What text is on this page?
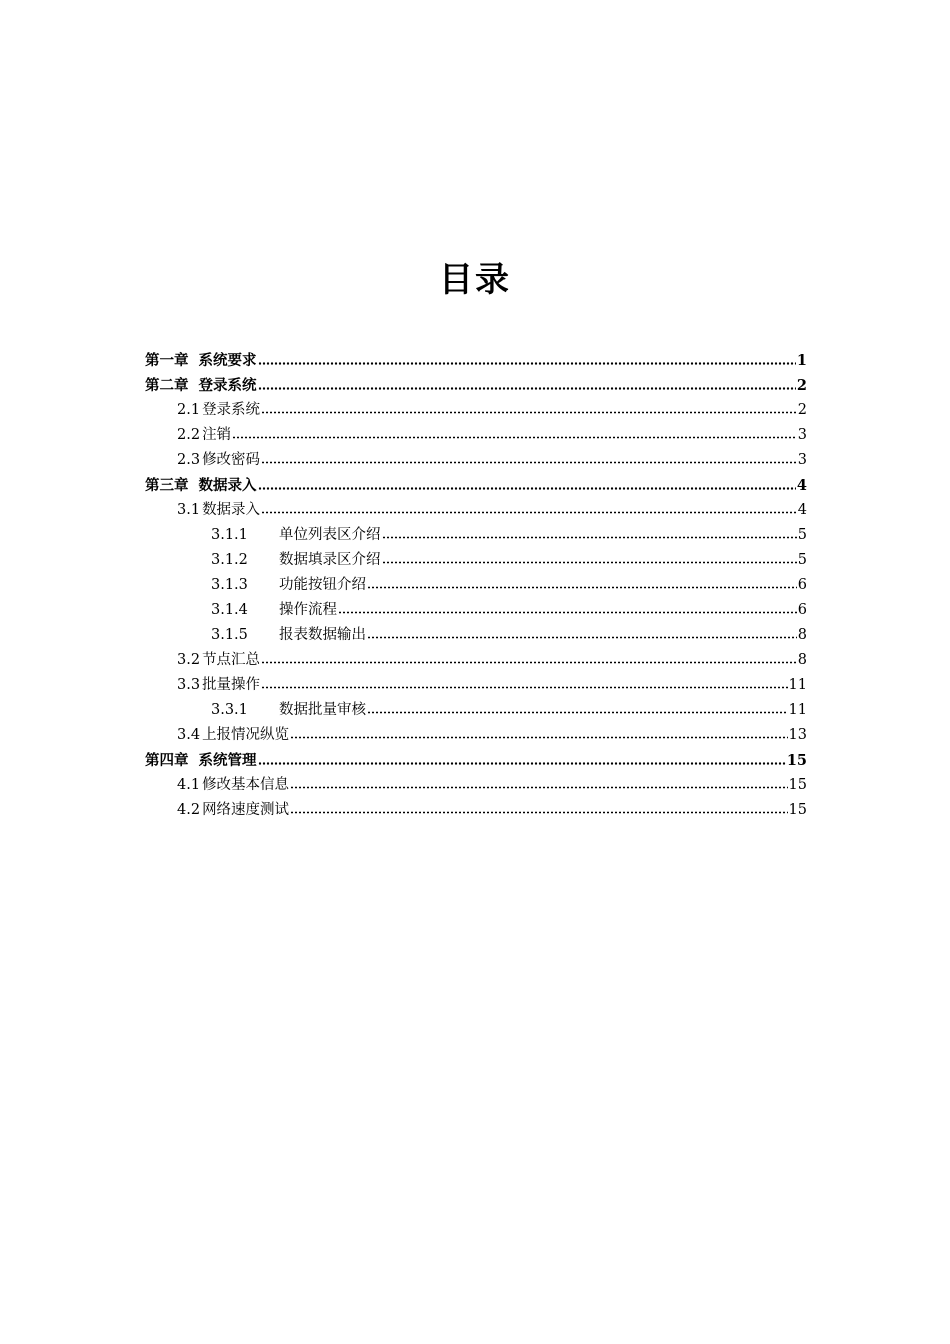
目录
第一章 系统要求	1
第二章 登录系统	2
2.1 登录系统	2
2.2 注销	3
2.3 修改密码	3
第三章 数据录入	4
3.1 数据录入	4
3.1.1	单位列表区介绍	5
3.1.2	数据填录区介绍	5
3.1.3	功能按钮介绍	6
3.1.4	操作流程	6
3.1.5	报表数据输出	8
3.2 节点汇总	8
3.3 批量操作	11
3.3.1	数据批量审核	11
3.4 上报情况纵览	13
第四章 系统管理	15
4.1 修改基本信息	15
4.2 网络速度测试	15
